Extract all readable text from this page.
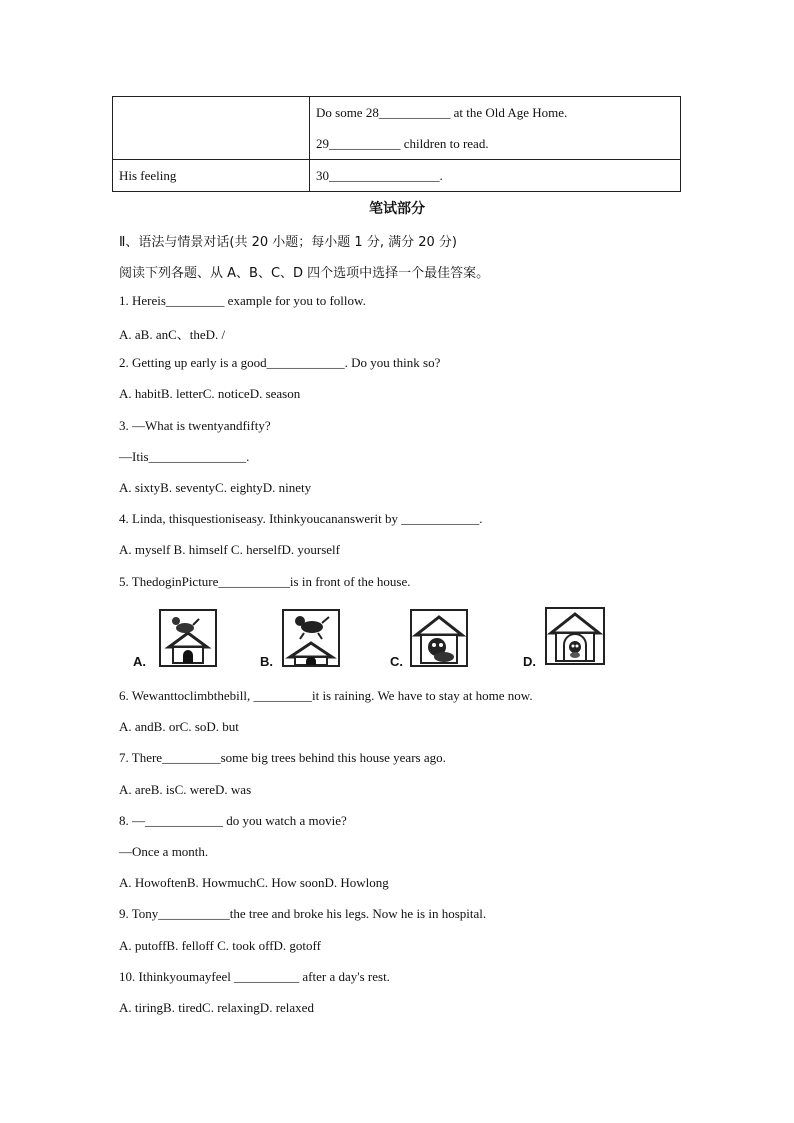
	Do some 28___________ at the Old Age Home.
29___________ children to read.

His feeling	30_________________.
笔试部分
Ⅱ、语法与情景对话(共 20 小题；每小题 1 分, 满分 20 分)
阅读下列各题、从 A、B、C、D 四个选项中选择一个最佳答案。
1. Hereis_________ example for you to follow.
A. aB. anC、theD. /
2. Getting up early is a good____________. Do you think so?
A. habitB. letterC. noticeD. season
3. —What is twentyandfifty?
—Itis_______________.
A. sixtyB. seventyC. eightyD. ninety
4. Linda, thisquestioniseasy. Ithinkyoucananswerit by ____________.
A. myself B. himself C. herselfD. yourself
5. ThedoginPicture___________is in front of the house.
A.	B.	C.	D.
6. Wewanttoclimbthebill, _________it is raining. We have to stay at home now.
A. andB. orC. soD. but
7. There_________some big trees behind this house years ago.
A. areB. isC. wereD. was
8. —____________ do you watch a movie?
—Once a month.
A. HowoftenB. HowmuchC. How soonD. Howlong
9. Tony___________the tree and broke his legs. Now he is in hospital.
A. putoffB. felloff C. took offD. gotoff
10. Ithinkyoumayfeel __________ after a day's rest.
A. tiringB. tiredC. relaxingD. relaxed
